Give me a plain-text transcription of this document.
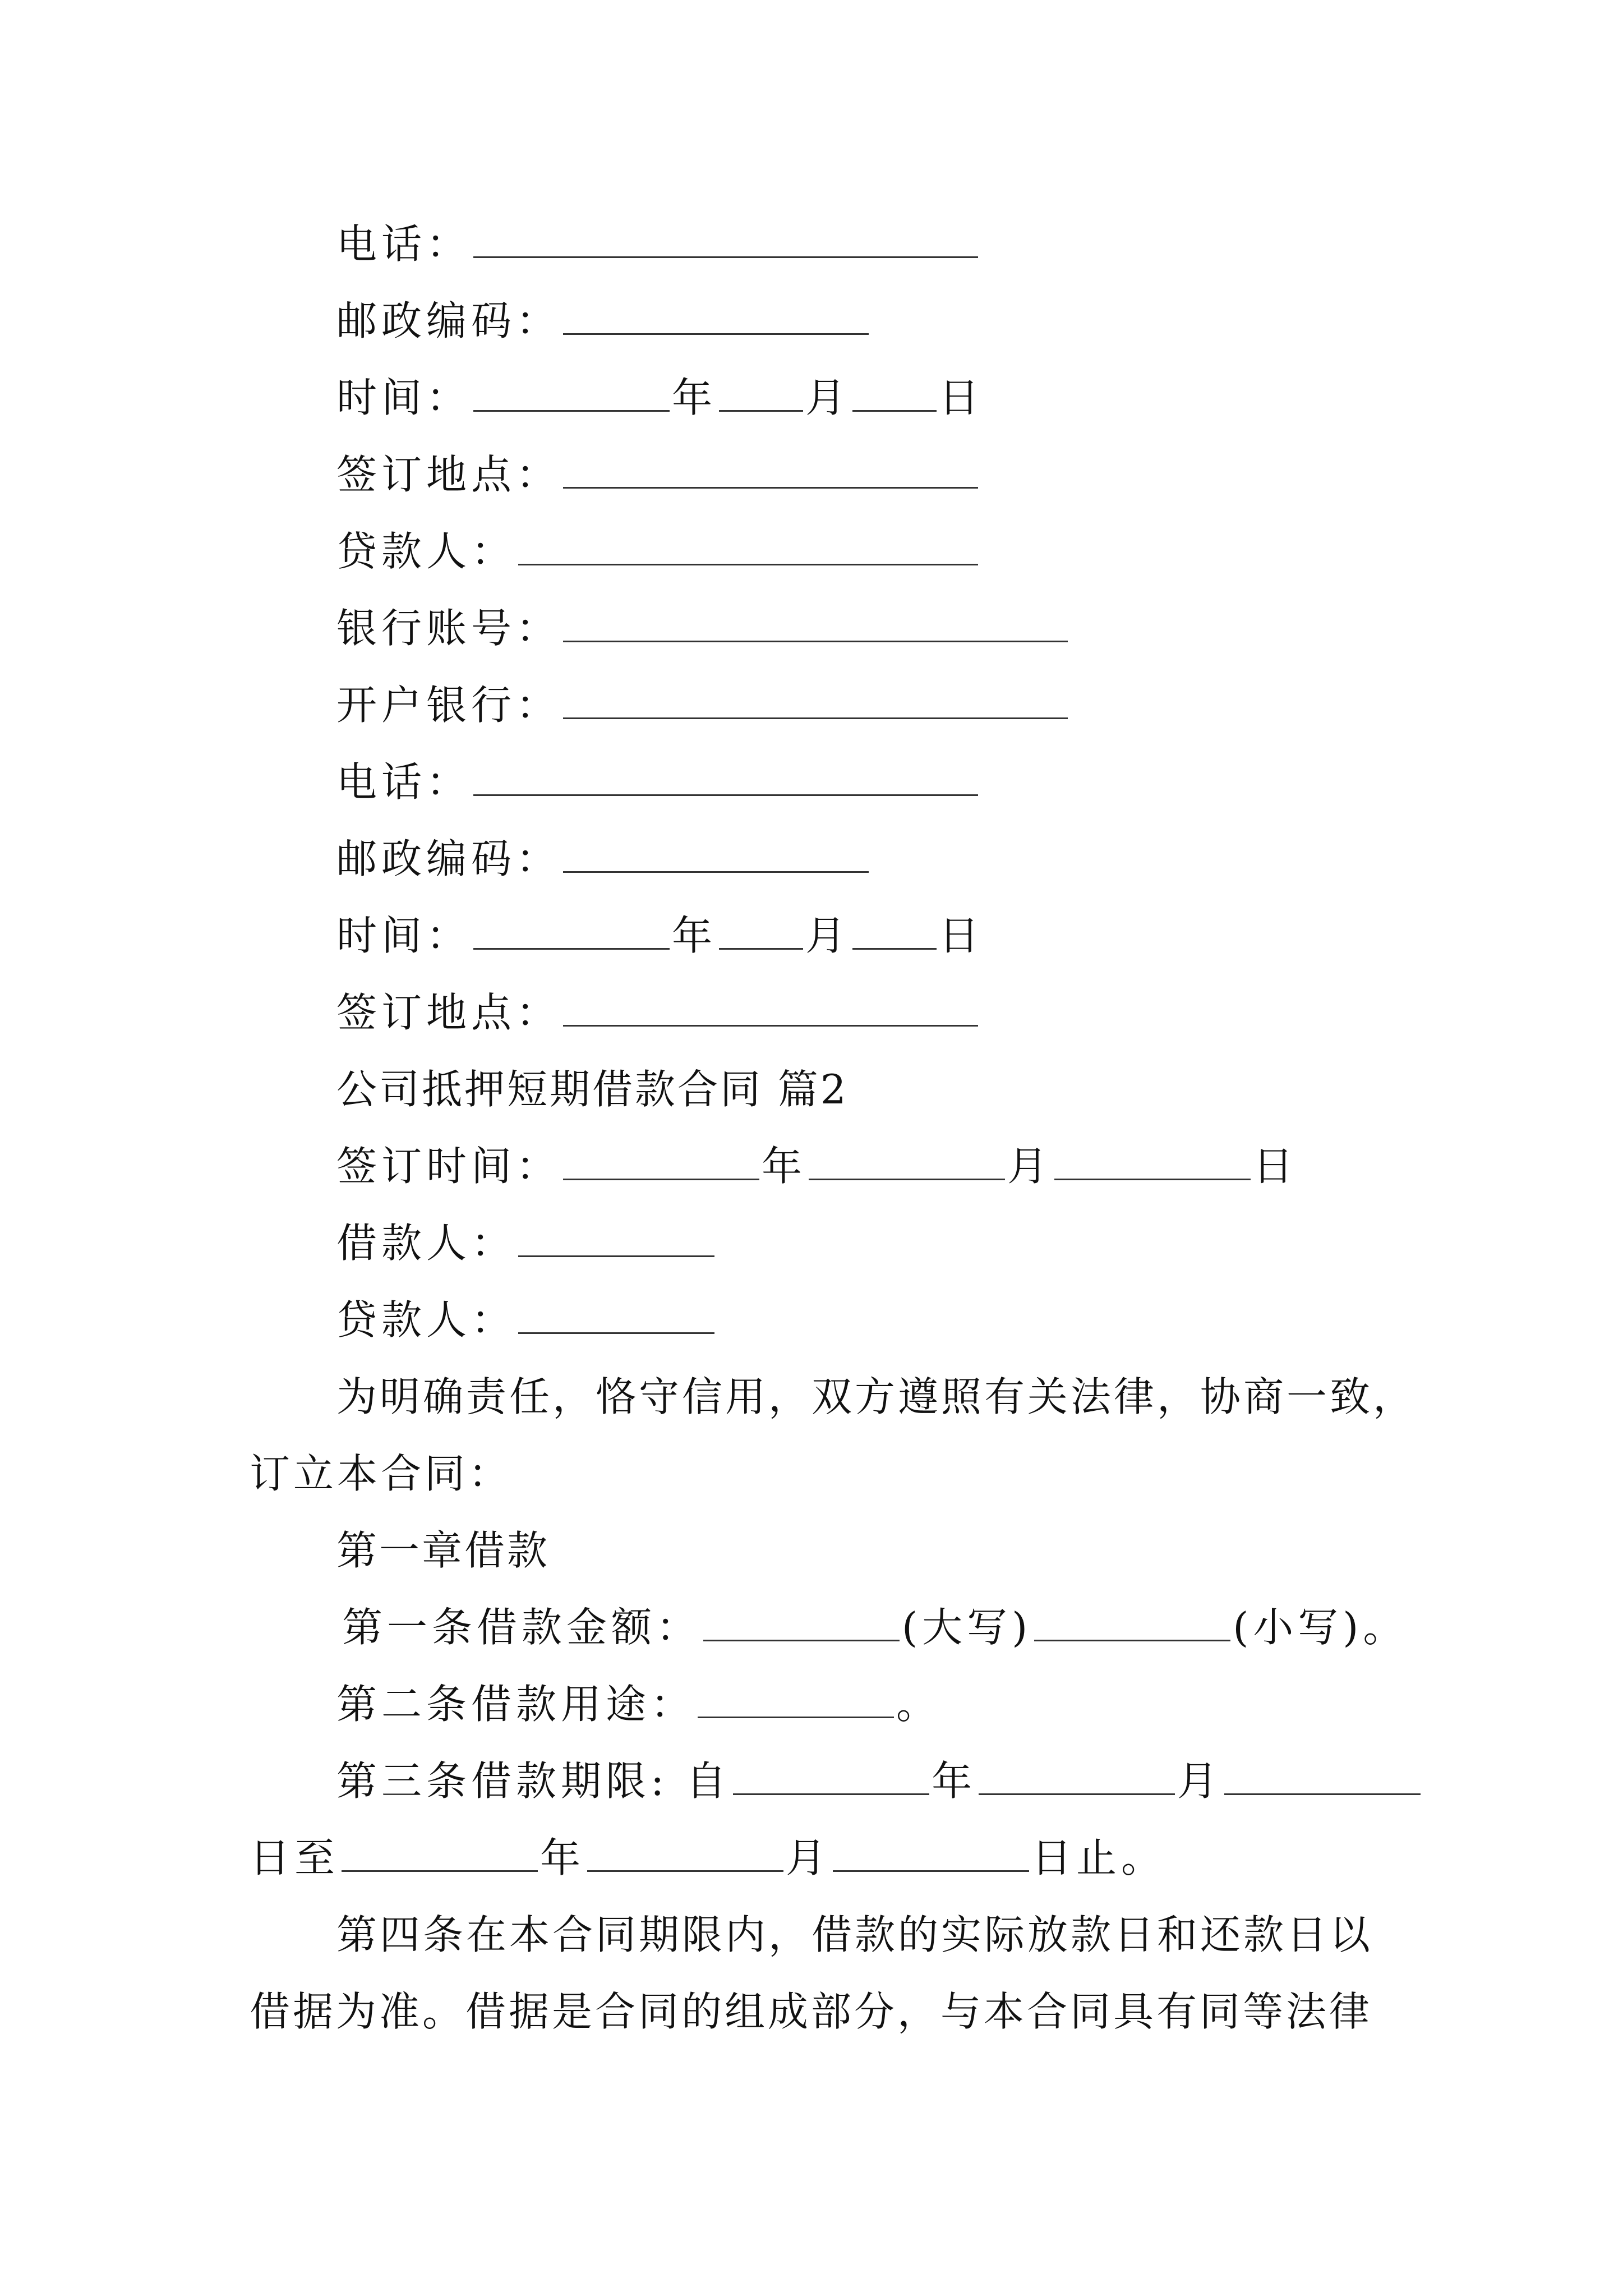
电话：
邮政编码：
时间：	年 月 日
签订地点：
贷款人：
银行账号：
开户银行：
电话：
邮政编码：
时间：	年 月 日
签订地点：
公司抵押短期借款合同 篇2
签订时间：	年	月	日
借款人：
贷款人：
为明确责任，恪守信用，双方遵照有关法律，协商一致，
订立本合同：
第一章借款
第一条借款金额：	(大写)	(小写)。
第二条借款用途：	。
第三条借款期限: 自	年	月
日至	年	月	日止。
第四条在本合同期限内，借款的实际放款日和还款日以
借据为准。借据是合同的组成部分，与本合同具有同等法律
